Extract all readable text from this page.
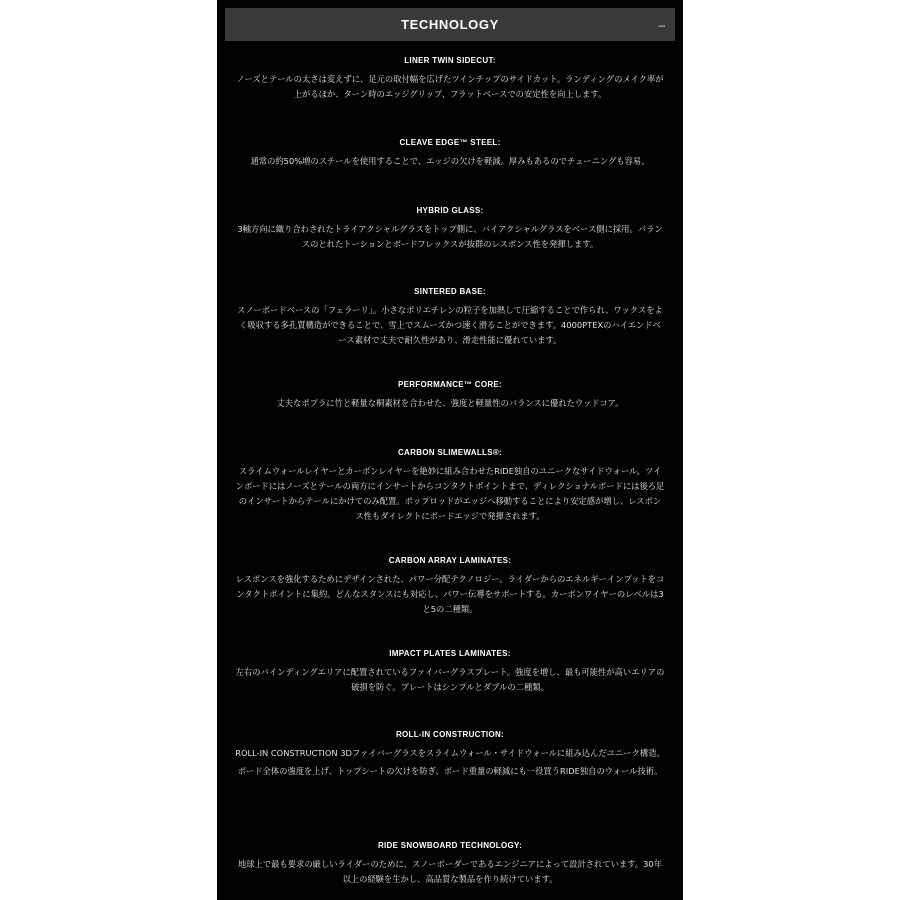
TECHNOLOGY	–
LINER TWIN SIDECUT:
ノーズとテールの太さは変えずに、足元の取付幅を広げたツインチップのサイドカット。ランディングのメイク率が上がるほか、ターン時のエッジグリップ、フラットベースでの安定性を向上します。
CLEAVE EDGE™ STEEL:
通常の約50%増のスチールを使用することで、エッジの欠けを軽減。厚みもあるのでチューニングも容易。
HYBRID GLASS:
3軸方向に織り合わされたトライアクシャルグラスをトップ側に、バイアクシャルグラスをベース側に採用。バランスのとれたトーションとボードフレックスが抜群のレスポンス性を発揮します。
SINTERED BASE:
スノーボードベースの「フェラーリ」。小さなポリエチレンの粒子を加熱して圧縮することで作られ、ワックスをよく吸収する多孔質構造ができることで、雪上でスムーズかつ速く滑ることができます。4000PTEXのハイエンドベース素材で丈夫で耐久性があり、滑走性能に優れています。
PERFORMANCE™ CORE:
丈夫なポプラに竹と軽量な桐素材を合わせた、強度と軽量性のバランスに優れたウッドコア。
CARBON SLIMEWALLS®:
スライムウォールレイヤーとカーボンレイヤーを絶妙に組み合わせたRIDE独自のユニークなサイドウォール。ツインボードにはノーズとテールの両方にインサートからコンタクトポイントまで、ディレクショナルボードには後ろ足のインサートからテールにかけてのみ配置。ポップロッドがエッジへ移動することにより安定感が増し、レスポンス性もダイレクトにボードエッジで発揮されます。
CARBON ARRAY LAMINATES:
レスポンスを強化するためにデザインされた、パワー分配テクノロジー。ライダーからのエネルギーインプットをコンタクトポイントに集約。どんなスタンスにも対応し、パワー伝導をサポートする。カーボンワイヤーのレベルは3と5の二種類。
IMPACT PLATES LAMINATES:
左右のバインディングエリアに配置されているファイバーグラスプレート。強度を増し、最も可能性が高いエリアの破損を防ぐ。プレートはシンプルとダブルの二種類。
ROLL-IN CONSTRUCTION:
ROLL-IN CONSTRUCTION 3Dファイバーグラスをスライムウォール・サイドウォールに組み込んだユニーク構造。
ボード全体の強度を上げ、トップシートの欠けを防ぎ、ボード重量の軽減にも一役買うRIDE独自のウォール技術。
RIDE SNOWBOARD TECHNOLOGY:
地球上で最も要求の厳しいライダーのために、スノーボーダーであるエンジニアによって設計されています。30年以上の経験を生かし、高品質な製品を作り続けています。
